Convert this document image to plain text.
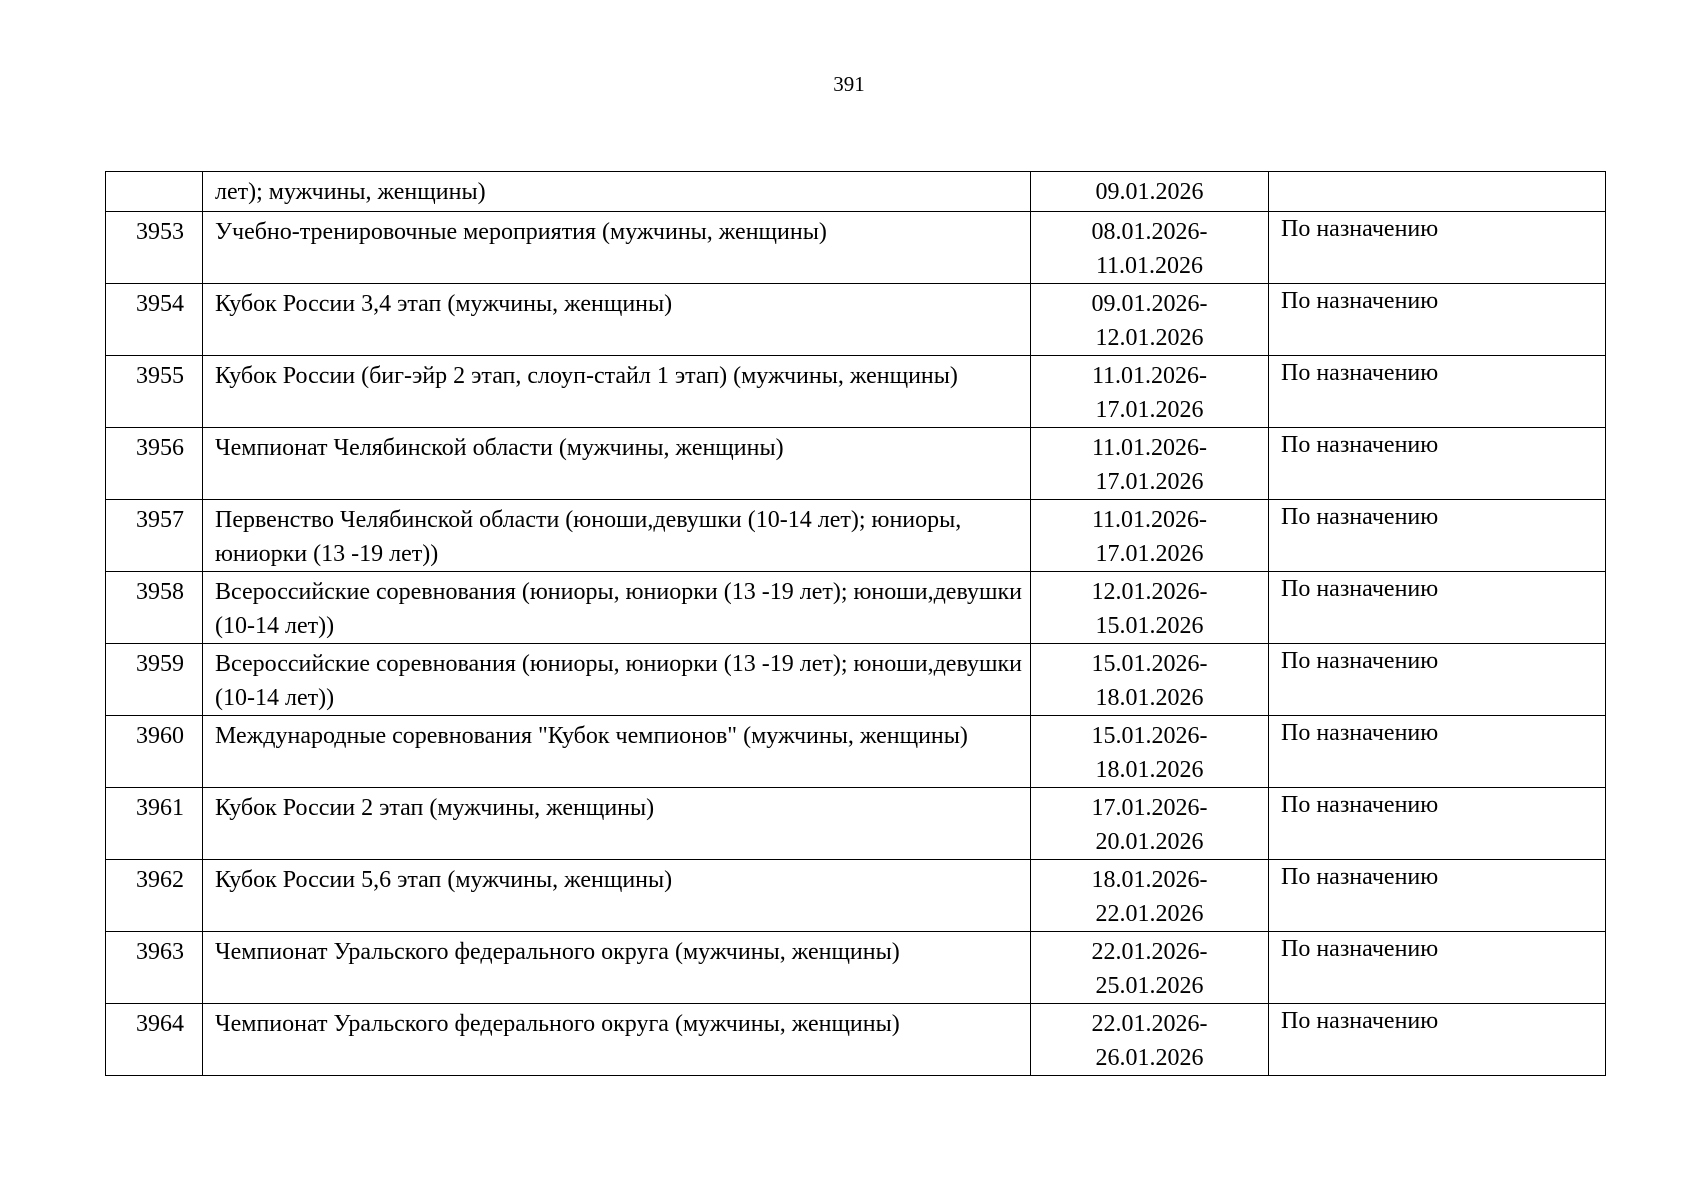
391
	лет); мужчины, женщины)	09.01.2026	

3953	Учебно-тренировочные мероприятия (мужчины, женщины)	08.01.2026-
11.01.2026	По назначению
3954	Кубок России 3,4 этап (мужчины, женщины)	09.01.2026-
12.01.2026	По назначению
3955	Кубок России (биг-эйр 2 этап, слоуп-стайл 1 этап) (мужчины, женщины)	11.01.2026-
17.01.2026	По назначению
3956	Чемпионат Челябинской области (мужчины, женщины)	11.01.2026-
17.01.2026	По назначению
3957	Первенство Челябинской области (юноши,девушки (10-14 лет); юниоры, юниорки (13 -19 лет))	11.01.2026-
17.01.2026	По назначению
3958	Всероссийские соревнования (юниоры, юниорки (13 -19 лет); юноши,девушки (10-14 лет))	12.01.2026-
15.01.2026	По назначению
3959	Всероссийские соревнования (юниоры, юниорки (13 -19 лет); юноши,девушки (10-14 лет))	15.01.2026-
18.01.2026	По назначению
3960	Международные соревнования "Кубок чемпионов" (мужчины, женщины)	15.01.2026-
18.01.2026	По назначению
3961	Кубок России 2 этап (мужчины, женщины)	17.01.2026-
20.01.2026	По назначению
3962	Кубок России 5,6 этап (мужчины, женщины)	18.01.2026-
22.01.2026	По назначению
3963	Чемпионат Уральского федерального округа (мужчины, женщины)	22.01.2026-
25.01.2026	По назначению
3964	Чемпионат Уральского федерального округа (мужчины, женщины)	22.01.2026-
26.01.2026	По назначению
